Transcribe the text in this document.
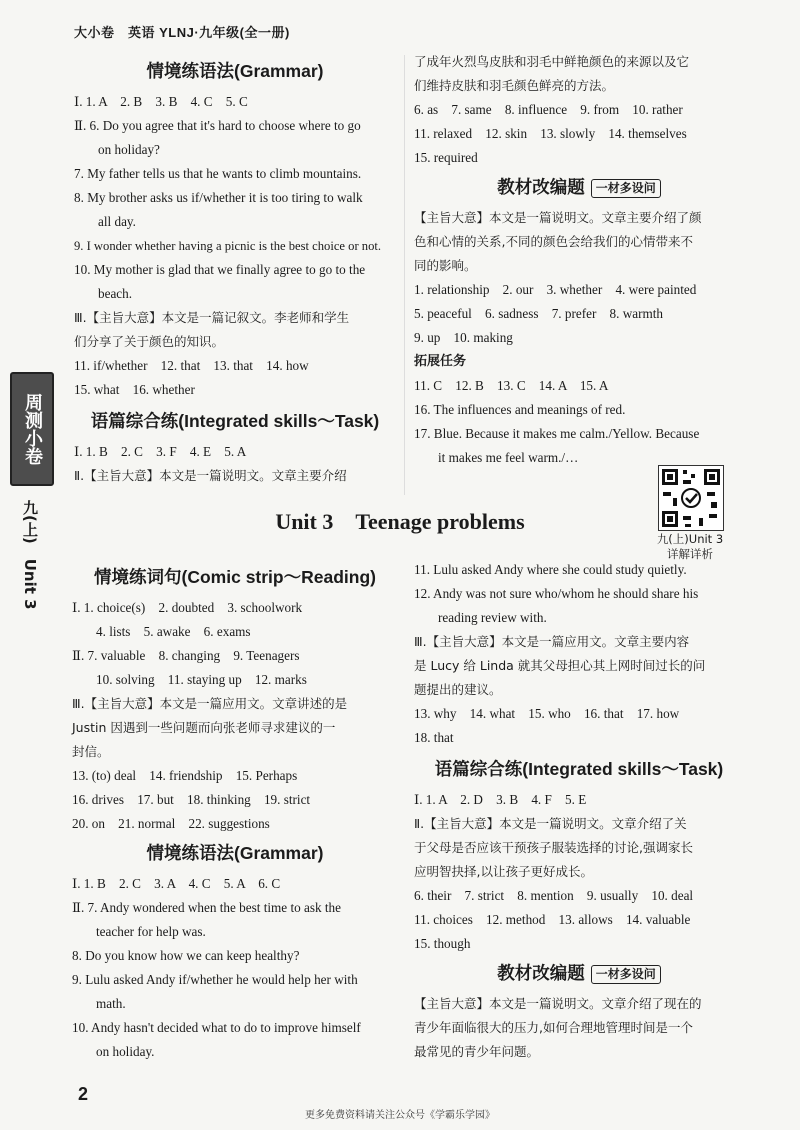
大小卷　英语 YLNJ·九年级(全一册)
周测小卷
九(上)　Unit 3
情境练语法(Grammar)

Ⅰ. 1. A　2. B　3. B　4. C　5. C

Ⅱ. 6. Do you agree that it's hard to choose where to go

on holiday?

7. My father tells us that he wants to climb mountains.

8. My brother asks us if/whether it is too tiring to walk

all day.

9. I wonder whether having a picnic is the best choice or not.

10. My mother is glad that we finally agree to go to the

beach.

Ⅲ.【主旨大意】本文是一篇记叙文。李老师和学生

们分享了关于颜色的知识。

11. if/whether　12. that　13. that　14. how

15. what　16. whether

语篇综合练(Integrated skills～Task)

Ⅰ. 1. B　2. C　3. F　4. E　5. A

Ⅱ.【主旨大意】本文是一篇说明文。文章主要介绍

了成年火烈鸟皮肤和羽毛中鲜艳颜色的来源以及它

们维持皮肤和羽毛颜色鲜亮的方法。

6. as　7. same　8. influence　9. from　10. rather

11. relaxed　12. skin　13. slowly　14. themselves

15. required

教材改编题 一材多设问

【主旨大意】本文是一篇说明文。文章主要介绍了颜

色和心情的关系,不同的颜色会给我们的心情带来不

同的影响。

1. relationship　2. our　3. whether　4. were painted

5. peaceful　6. sadness　7. prefer　8. warmth

9. up　10. making

拓展任务

11. C　12. B　13. C　14. A　15. A

16. The influences and meanings of red.

17. Blue. Because it makes me calm./Yellow. Because

it makes me feel warm./…

九(上)Unit 3
详解详析
Unit 3　Teenage problems
情境练词句(Comic strip～Reading)

Ⅰ. 1. choice(s)　2. doubted　3. schoolwork

4. lists　5. awake　6. exams

Ⅱ. 7. valuable　8. changing　9. Teenagers

10. solving　11. staying up　12. marks

Ⅲ.【主旨大意】本文是一篇应用文。文章讲述的是

Justin 因遇到一些问题而向张老师寻求建议的一

封信。

13. (to) deal　14. friendship　15. Perhaps

16. drives　17. but　18. thinking　19. strict

20. on　21. normal　22. suggestions

情境练语法(Grammar)

Ⅰ. 1. B　2. C　3. A　4. C　5. A　6. C

Ⅱ. 7. Andy wondered when the best time to ask the

teacher for help was.

8. Do you know how we can keep healthy?

9. Lulu asked Andy if/whether he would help her with

math.

10. Andy hasn't decided what to do to improve himself

on holiday.

11. Lulu asked Andy where she could study quietly.

12. Andy was not sure who/whom he should share his

reading review with.

Ⅲ.【主旨大意】本文是一篇应用文。文章主要内容

是 Lucy 给 Linda 就其父母担心其上网时间过长的问

题提出的建议。

13. why　14. what　15. who　16. that　17. how

18. that

语篇综合练(Integrated skills～Task)

Ⅰ. 1. A　2. D　3. B　4. F　5. E

Ⅱ.【主旨大意】本文是一篇说明文。文章介绍了关

于父母是否应该干预孩子服装选择的讨论,强调家长

应明智抉择,以让孩子更好成长。

6. their　7. strict　8. mention　9. usually　10. deal

11. choices　12. method　13. allows　14. valuable

15. though

教材改编题 一材多设问

【主旨大意】本文是一篇说明文。文章介绍了现在的

青少年面临很大的压力,如何合理地管理时间是一个

最常见的青少年问题。

2
更多免费资料请关注公众号《学霸乐学园》
